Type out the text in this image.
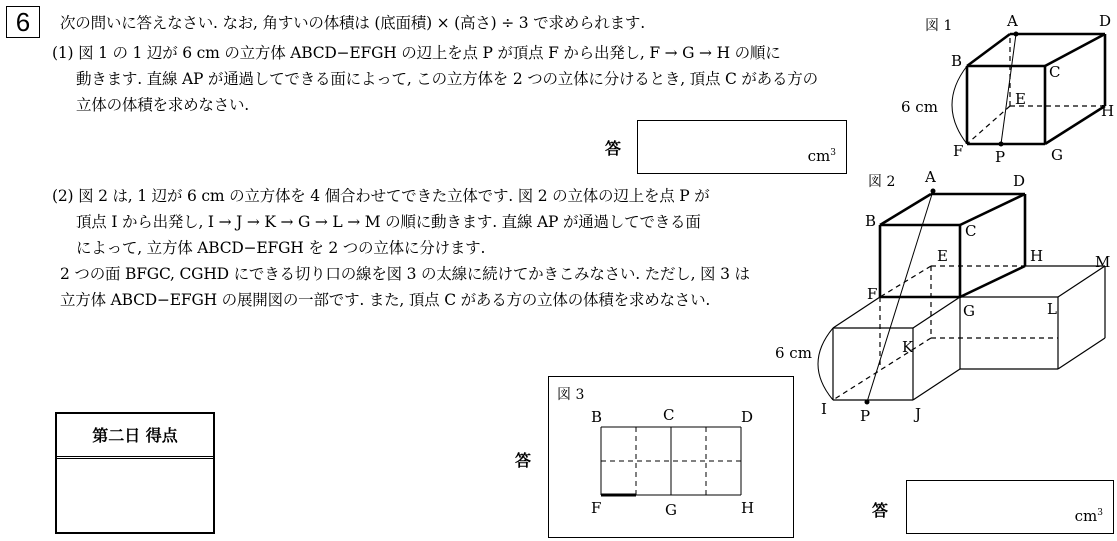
6	次の問いに答えなさい. なお, 角すいの体積は (底面積) × (高さ) ÷ 3 で求められます.
(1) 図 1 の 1 辺が 6 cm の立方体 ABCD−EFGH の辺上を点 P が頂点 F から出発し, F → G → H の順に
動きます. 直線 AP が通過してできる面によって, この立方体を 2 つの立体に分けるとき, 頂点 C がある方の
立体の体積を求めなさい.
答	$cm^3$
(2) 図 2 は, 1 辺が 6 cm の立方体を 4 個合わせてできた立体です. 図 2 の立体の辺上を点 P が
頂点 I から出発し, I → J → K → G → L → M の順に動きます. 直線 AP が通過してできる面
によって, 立方体 ABCD−EFGH を 2 つの立体に分けます.
2 つの面 BFGC, CGHD にできる切り口の線を図 3 の太線に続けてかきこみなさい. ただし, 図 3 は
立方体 ABCD−EFGH の展開図の一部です. また, 頂点 C がある方の立体の体積を求めなさい.
第二日 得点
答
図 3
B	C	D
F	G	H	答	$cm^3$
図 1	A
B
C
D
E
F	G
H
P
6 cm
図 2 A
B
C
D
E
F
G
H
I	J
K
L
M
P
6 cm
